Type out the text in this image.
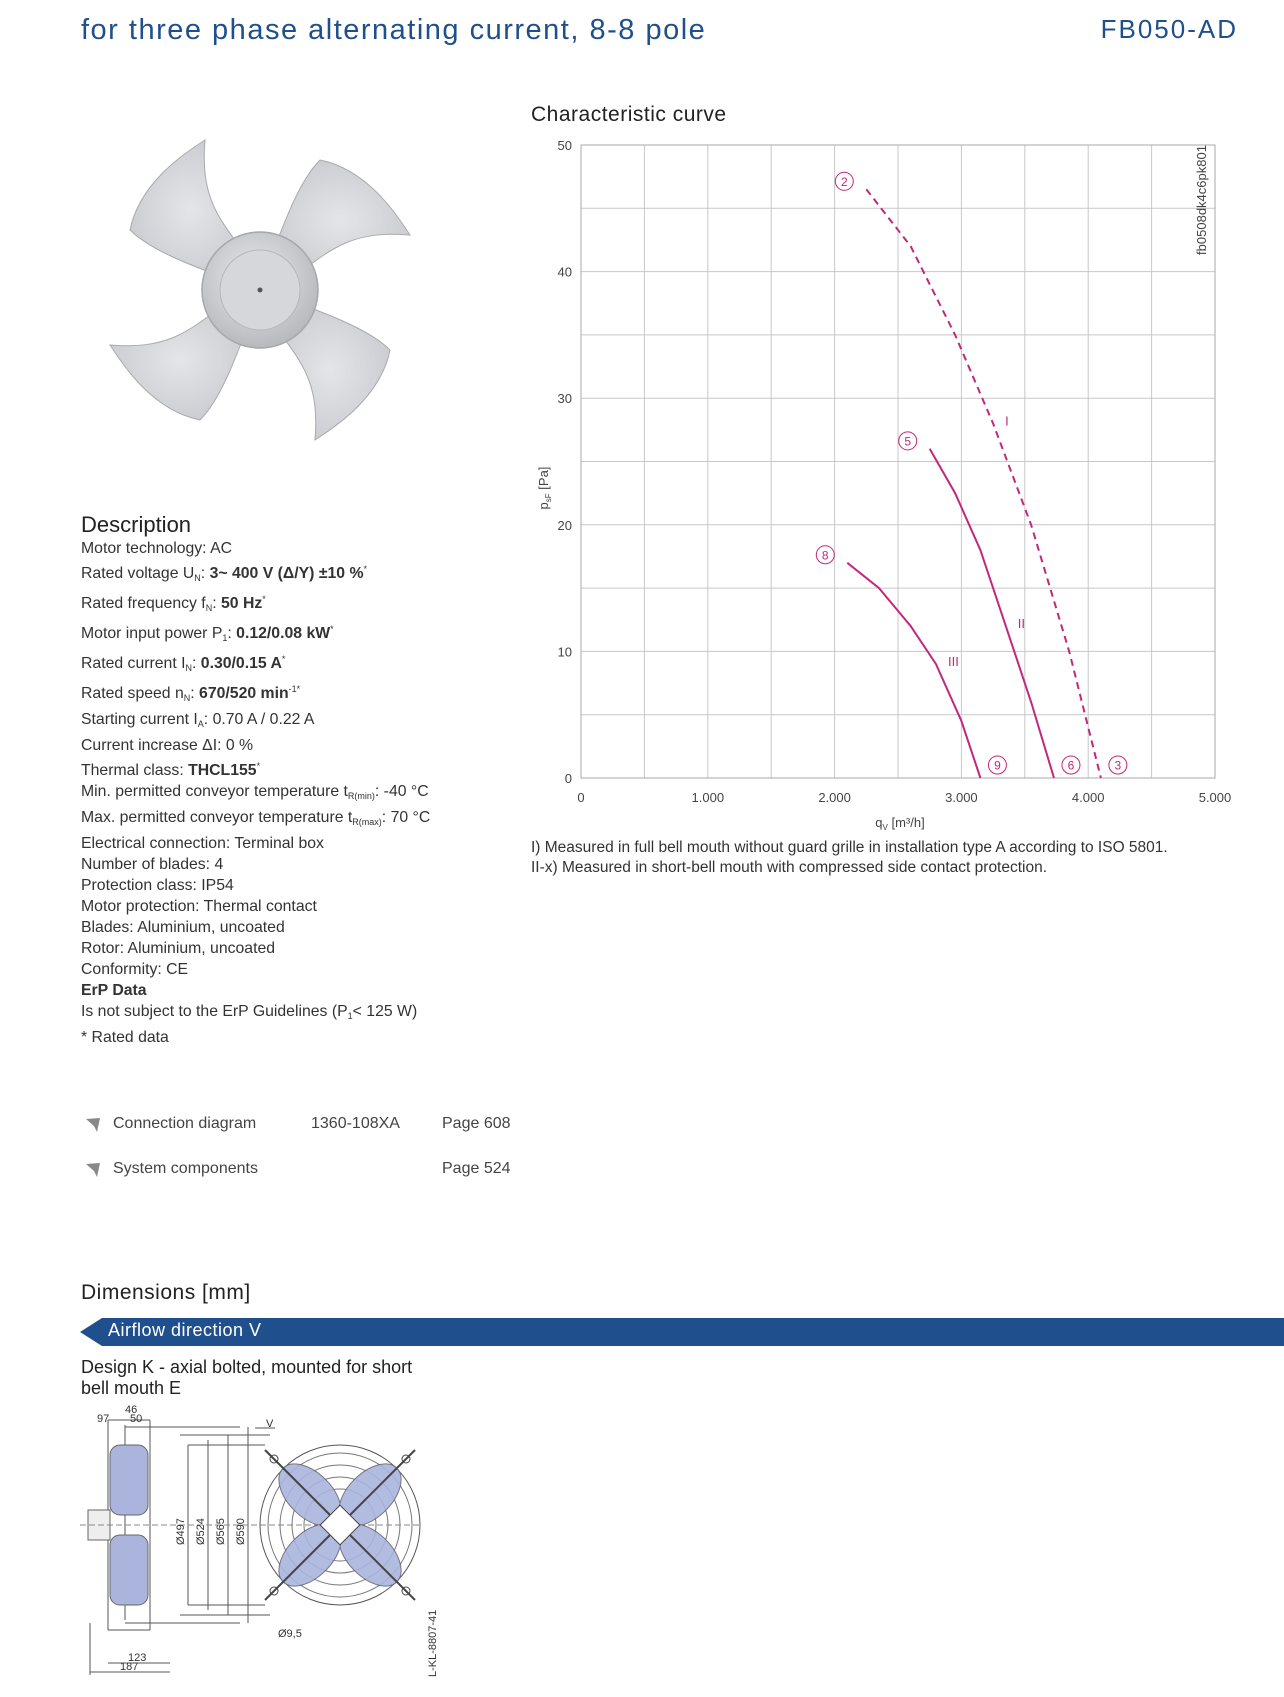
for three phase alternating current, 8-8 pole	FB050-AD
Description
Motor technology: AC
Rated voltage $U_N$: 3~ 400 V (Δ/Y) ±10 %*
Rated frequency $f_N$: 50 Hz*
Motor input power $P_1$: 0.12/0.08 kW*
Rated current $I_N$: 0.30/0.15 A*
Rated speed $n_N$: 670/520 $\min^{-1*}$
Starting current $I_A$: 0.70 A / 0.22 A
Current increase ΔI: 0 %
Thermal class: THCL155*
Min. permitted conveyor temperature $t_{R(min)}$: -40 °C
Max. permitted conveyor temperature $t_{R(max)}$: 70 °C
Electrical connection: Terminal box
Number of blades: 4
Protection class: IP54
Motor protection: Thermal contact
Blades: Aluminium, uncoated
Rotor: Aluminium, uncoated
Conformity: CE
ErP Data
Is not subject to the ErP Guidelines ($P_1< 125$ W)
* Rated data
Connection diagram	1360-108XA	Page 608
System components	Page 524
Characteristic curve
0	1.000	2.000	3.000	4.000	5.000
0
10
20
30
40
50
2
3
I
5
6
II
8
9
III
$p_{sF}$ [Pa]
$q_V$ [m³/h]
fb0508dk4c6pk801
I) Measured in full bell mouth without guard grille in installation type A according to ISO 5801.
II-x) Measured in short-bell mouth with compressed side contact protection.
Dimensions [mm]
Airflow direction V
Design K - axial bolted, mounted for short
bell mouth E
46
97 50
Ø497 Ø524 Ø565 Ø590
123
187
V
Ø9,5	L-KL-8807-41
